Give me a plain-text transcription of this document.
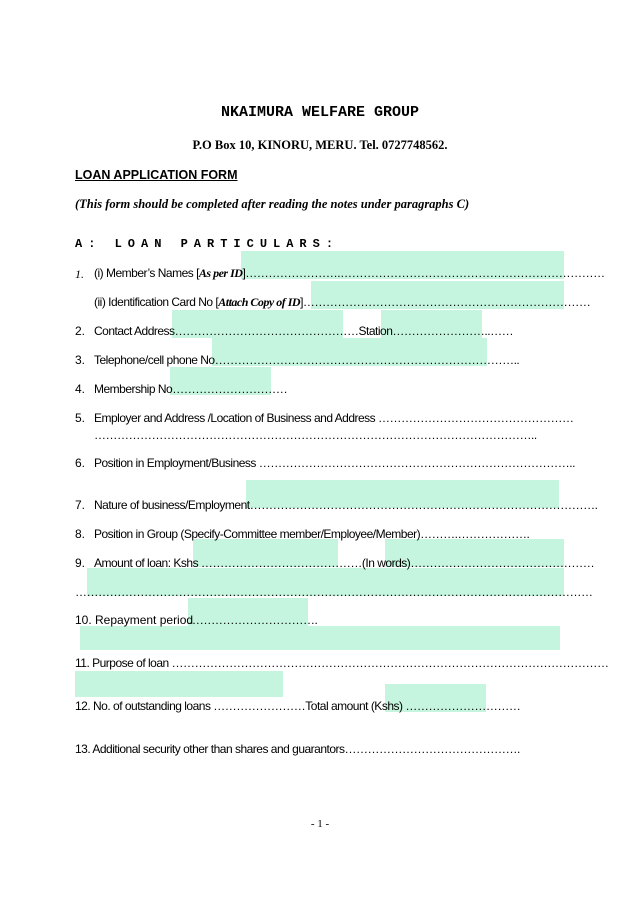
NKAIMURA WELFARE GROUP
P.O Box 10, KINORU, MERU. Tel. 0727748562.
LOAN APPLICATION FORM
(This form should be completed after reading the notes under paragraphs C)
A: LOAN PARTICULARS:
1. (i) Member’s Names [As per ID]…………………….……………………………………………………………
(ii) Identification Card No [Attach Copy of ID]…………………………………………………………………
2. Contact Address…………………………………………Station……………………..……
3. Telephone/cell phone No……………………………………………………………………..
4. Membership No…………………………
5. Employer and Address /Location of Business and Address ……………………………………………
……………………………………………………………………………………………………..
6. Position in Employment/Business ………………………………………………………………………..
7. Nature of business/Employment……………………………………………………………………………….
8. Position in Group (Specify-Committee member/Employee/Member)……….……………….
9. Amount of loan: Kshs ……………………………………(In words)…………………………………………
………………………………………………………………………………………………………………………
10. Repayment period
…………………………….
11. Purpose of loan ……………………………………………………………………………………………………
12. No. of outstanding loans ……………………Total amount (Kshs) …………………………
13. Additional security other than shares and guarantors……………………………………….
- 1 -
